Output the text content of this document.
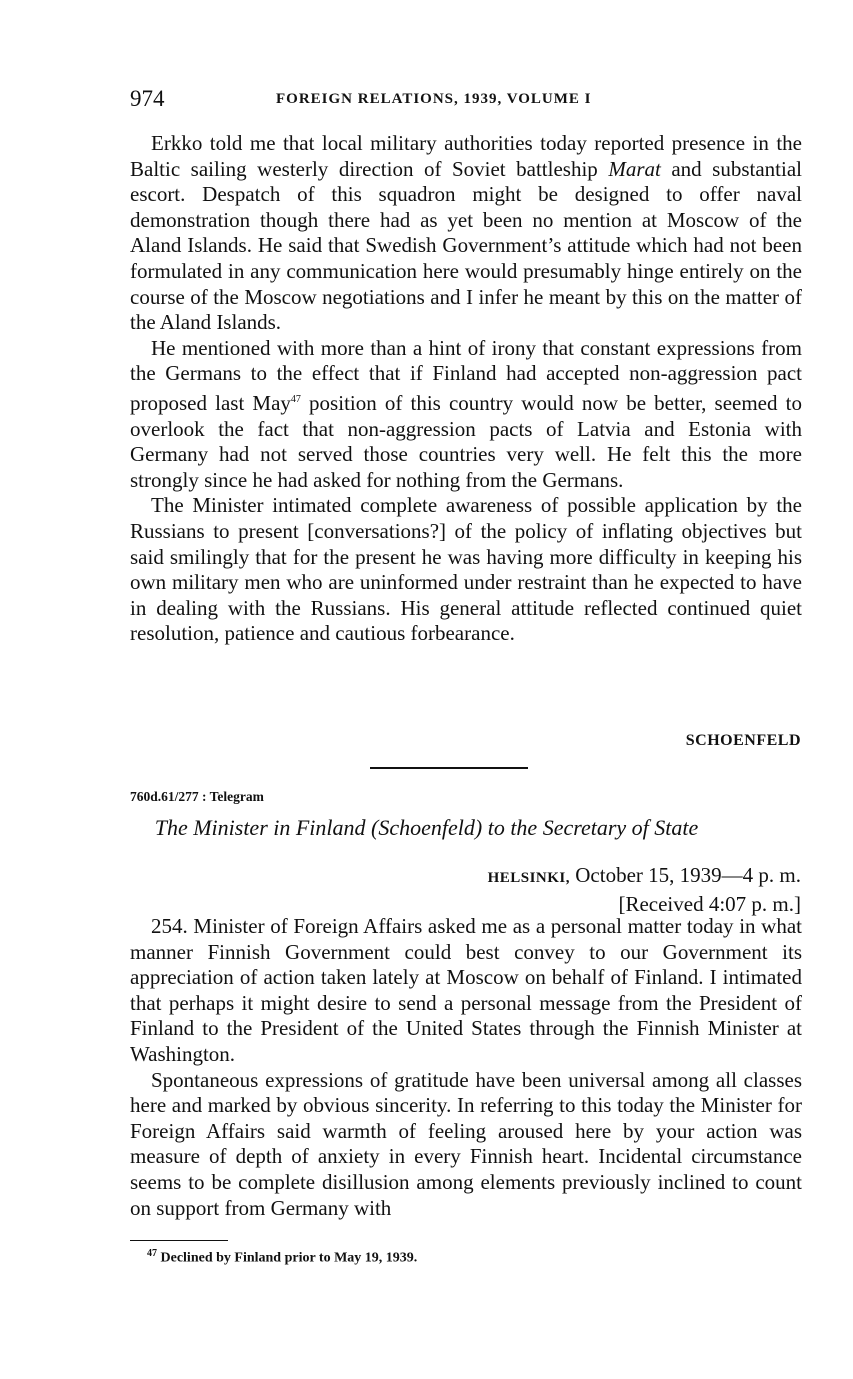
974	FOREIGN RELATIONS, 1939, VOLUME I

Erkko told me that local military authorities today reported presence in the Baltic sailing westerly direction of Soviet battleship Marat and substantial escort. Despatch of this squadron might be designed to offer naval demonstration though there had as yet been no mention at Moscow of the Aland Islands. He said that Swedish Government’s attitude which had not been formulated in any communication here would presumably hinge entirely on the course of the Moscow negotiations and I infer he meant by this on the matter of the Aland Islands.

He mentioned with more than a hint of irony that constant expressions from the Germans to the effect that if Finland had accepted non-aggression pact proposed last May$^{47}$ position of this country would now be better, seemed to overlook the fact that non-aggression pacts of Latvia and Estonia with Germany had not served those countries very well. He felt this the more strongly since he had asked for nothing from the Germans.

The Minister intimated complete awareness of possible application by the Russians to present [conversations?] of the policy of inflating objectives but said smilingly that for the present he was having more difficulty in keeping his own military men who are uninformed under restraint than he expected to have in dealing with the Russians. His general attitude reflected continued quiet resolution, patience and cautious forbearance.

SCHOENFELD
760d.61/277 : Telegram
The Minister in Finland (Schoenfeld) to the Secretary of State
HELSINKI, October 15, 1939—4 p. m.
[Received 4:07 p. m.]

254. Minister of Foreign Affairs asked me as a personal matter today in what manner Finnish Government could best convey to our Government its appreciation of action taken lately at Moscow on behalf of Finland. I intimated that perhaps it might desire to send a personal message from the President of Finland to the President of the United States through the Finnish Minister at Washington.

Spontaneous expressions of gratitude have been universal among all classes here and marked by obvious sincerity. In referring to this today the Minister for Foreign Affairs said warmth of feeling aroused here by your action was measure of depth of anxiety in every Finnish heart. Incidental circumstance seems to be complete disillusion among elements previously inclined to count on support from Germany with

$^{47}$ Declined by Finland prior to May 19, 1939.
